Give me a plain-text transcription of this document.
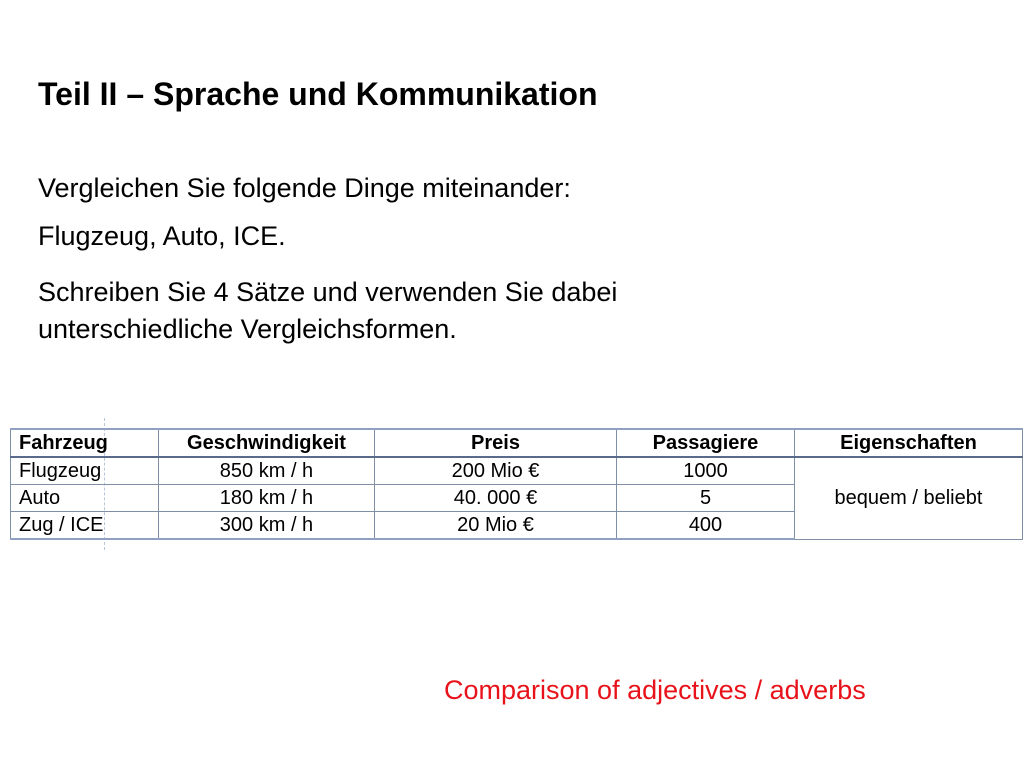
Teil II – Sprache und Kommunikation
Vergleichen Sie folgende Dinge miteinander:
Flugzeug, Auto, ICE.
Schreiben Sie 4 Sätze und verwenden Sie dabei
unterschiedliche Vergleichsformen.
Fahrzeug	Geschwindigkeit	Preis	Passagiere	Eigenschaften
Flugzeug	850 km / h	200 Mio €	1000	bequem / beliebt
Auto	180 km / h	40. 000 €	5	
Zug / ICE	300 km / h	20 Mio €	400	
Comparison of adjectives / adverbs
